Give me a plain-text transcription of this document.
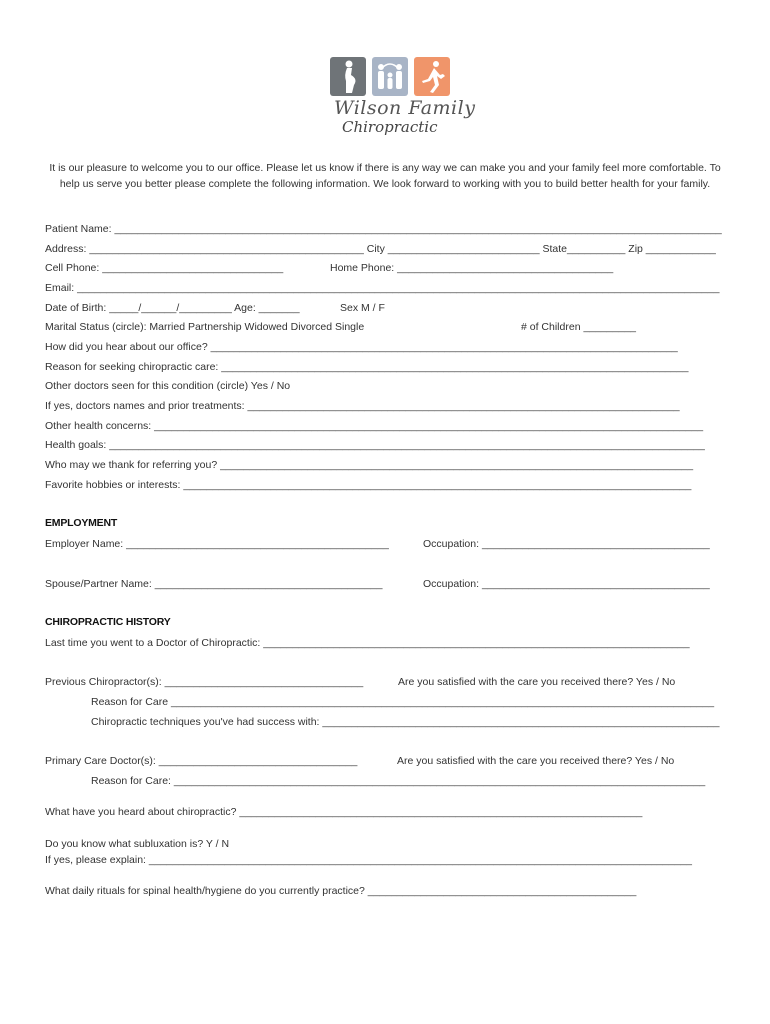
Wilson Family
Chiropractic
It is our pleasure to welcome you to our office. Please let us know if there is any way we can make you and your family feel more comfortable. To help us serve you better please complete the following information. We look forward to working with you to build better health for your family.
Patient Name: ________________________________________________________________________________________________________
Address: _______________________________________________ City __________________________ State__________ Zip ____________
Cell Phone: _______________________________	Home Phone: _____________________________________
Email: ______________________________________________________________________________________________________________
Date of Birth: _____/______/_________ Age: _______	Sex M / F
Marital Status (circle): Married Partnership Widowed Divorced Single	# of Children _________
How did you hear about our office? ________________________________________________________________________________
Reason for seeking chiropractic care: ________________________________________________________________________________
Other doctors seen for this condition (circle) Yes / No
If yes, doctors names and prior treatments: __________________________________________________________________________
Other health concerns: ______________________________________________________________________________________________
Health goals: ______________________________________________________________________________________________________
Who may we thank for referring you? _________________________________________________________________________________
Favorite hobbies or interests: _______________________________________________________________________________________
EMPLOYMENT
Employer Name: _____________________________________________	Occupation: _______________________________________
Spouse/Partner Name: _______________________________________	Occupation: _______________________________________
CHIROPRACTIC HISTORY
Last time you went to a Doctor of Chiropractic: _________________________________________________________________________
Previous Chiropractor(s): __________________________________	Are you satisfied with the care you received there? Yes / No
Reason for Care _____________________________________________________________________________________________
Chiropractic techniques you've had success with: ____________________________________________________________________
Primary Care Doctor(s): __________________________________	Are you satisfied with the care you received there? Yes / No
Reason for Care: ___________________________________________________________________________________________
What have you heard about chiropractic? _____________________________________________________________________
Do you know what subluxation is? Y / N
If yes, please explain: _____________________________________________________________________________________________
What daily rituals for spinal health/hygiene do you currently practice? ______________________________________________
